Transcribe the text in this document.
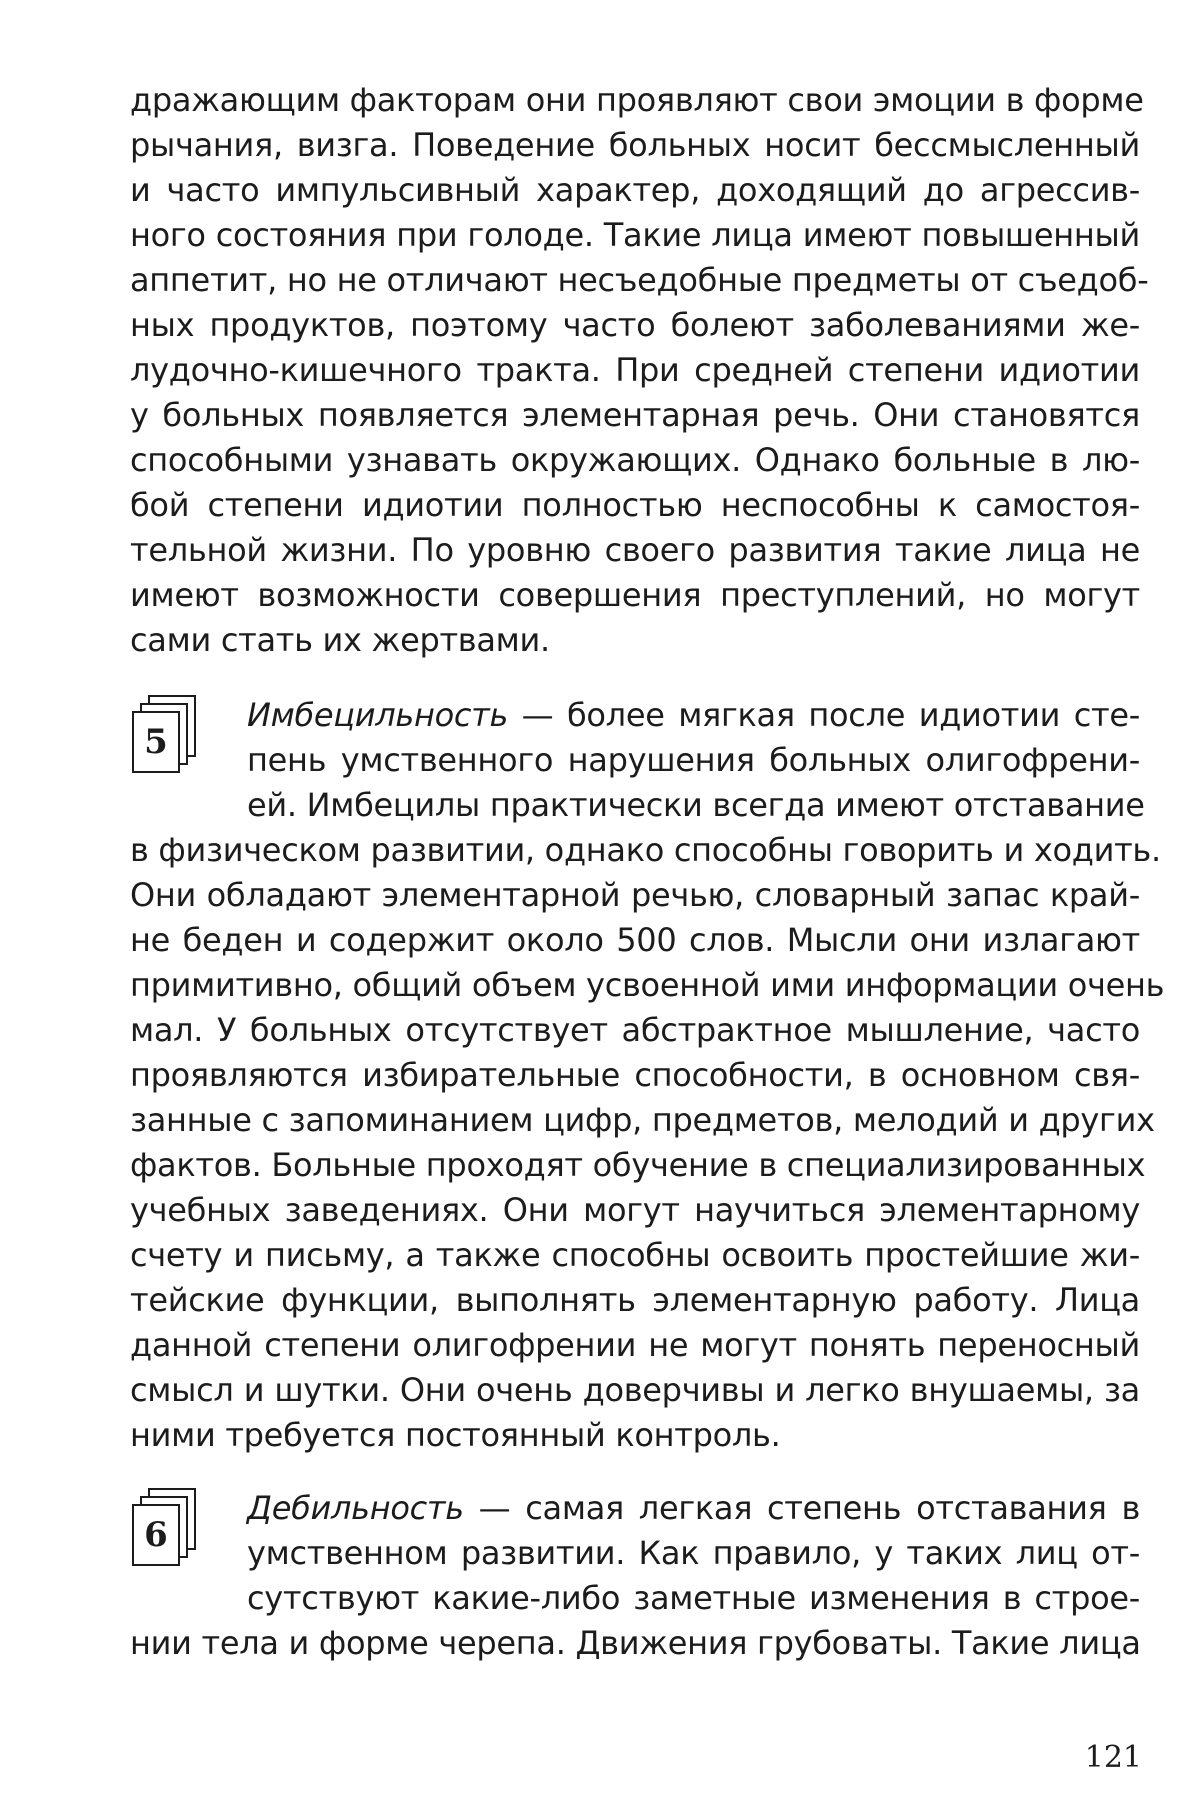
дражающим факторам они проявляют свои эмоции в форме
рычания, визга. Поведение больных носит бессмысленный
и часто импульсивный характер, доходящий до агрессив-
ного состояния при голоде. Такие лица имеют повышенный
аппетит, но не отличают несъедобные предметы от съедоб-
ных продуктов, поэтому часто болеют заболеваниями же-
лудочно-кишечного тракта. При средней степени идиотии
у больных появляется элементарная речь. Они становятся
способными узнавать окружающих. Однако больные в лю-
бой степени идиотии полностью неспособны к самостоя-
тельной жизни. По уровню своего развития такие лица не
имеют возможности совершения преступлений, но могут
сами стать их жертвами.
5
Имбецильность — более мягкая после идиотии сте-
пень умственного нарушения больных олигофрени-
ей. Имбецилы практически всегда имеют отставание
в физическом развитии, однако способны говорить и ходить.
Они обладают элементарной речью, словарный запас край-
не беден и содержит около 500 слов. Мысли они излагают
примитивно, общий объем усвоенной ими информации очень
мал. У больных отсутствует абстрактное мышление, часто
проявляются избирательные способности, в основном свя-
занные с запоминанием цифр, предметов, мелодий и других
фактов. Больные проходят обучение в специализированных
учебных заведениях. Они могут научиться элементарному
счету и письму, а также способны освоить простейшие жи-
тейские функции, выполнять элементарную работу. Лица
данной степени олигофрении не могут понять переносный
смысл и шутки. Они очень доверчивы и легко внушаемы, за
ними требуется постоянный контроль.
6
Дебильность — самая легкая степень отставания в
умственном развитии. Как правило, у таких лиц от-
сутствуют какие-либо заметные изменения в строе-
нии тела и форме черепа. Движения грубоваты. Такие лица
121
